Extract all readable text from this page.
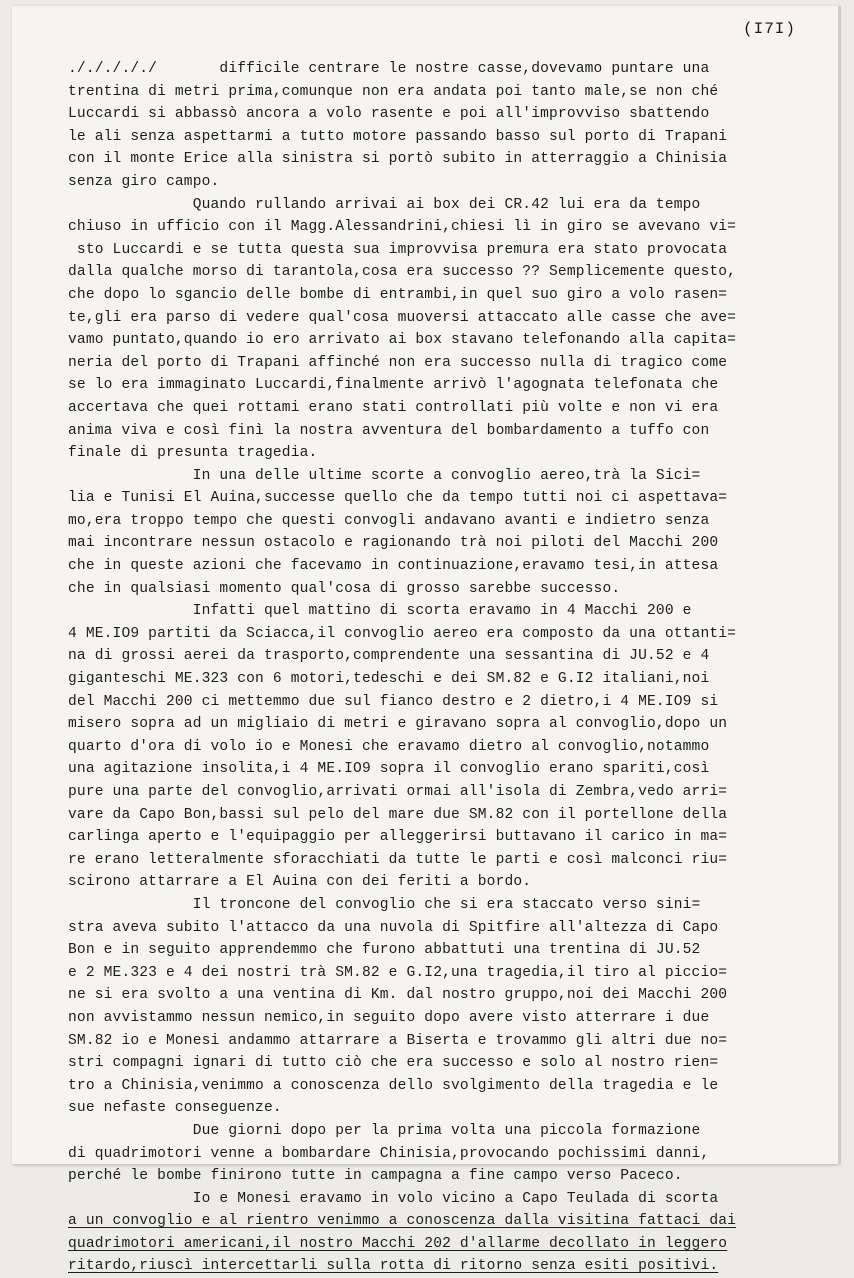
(I7I)
./././././       difficile centrare le nostre casse,dovevamo puntare una
trentina di metri prima,comunque non era andata poi tanto male,se non ché
Luccardi si abbassò ancora a volo rasente e poi all'improvviso sbattendo
le ali senza aspettarmi a tutto motore passando basso sul porto di Trapani
con il monte Erice alla sinistra si portò subito in atterraggio a Chinisia
senza giro campo.
Quando rullando arrivai ai box dei CR.42 lui era da tempo
chiuso in ufficio con il Magg.Alessandrini,chiesi lì in giro se avevano vi=
sto Luccardi e se tutta questa sua improvvisa premura era stato provocata
dalla qualche morso di tarantola,cosa era successo ?? Semplicemente questo,
che dopo lo sgancio delle bombe di entrambi,in quel suo giro a volo rasen=
te,gli era parso di vedere qual'cosa muoversi attaccato alle casse che ave=
vamo puntato,quando io ero arrivato ai box stavano telefonando alla capita=
neria del porto di Trapani affinché non era successo nulla di tragico come
se lo era immaginato Luccardi,finalmente arrivò l'agognata telefonata che
accertava che quei rottami erano stati controllati più volte e non vi era
anima viva e così finì la nostra avventura del bombardamento a tuffo con
finale di presunta tragedia.
In una delle ultime scorte a convoglio aereo,trà la Sici=
lia e Tunisi El Auina,successe quello che da tempo tutti noi ci aspettava=
mo,era troppo tempo che questi convogli andavano avanti e indietro senza
mai incontrare nessun ostacolo e ragionando trà noi piloti del Macchi 200
che in queste azioni che facevamo in continuazione,eravamo tesi,in attesa
che in qualsiasi momento qual'cosa di grosso sarebbe successo.
Infatti quel mattino di scorta eravamo in 4 Macchi 200 e
4 ME.IO9 partiti da Sciacca,il convoglio aereo era composto da una ottanti=
na di grossi aerei da trasporto,comprendente una sessantina di JU.52 e 4
giganteschi ME.323 con 6 motori,tedeschi e dei SM.82 e G.I2 italiani,noi
del Macchi 200 ci mettemmo due sul fianco destro e 2 dietro,i 4 ME.IO9 si
misero sopra ad un migliaio di metri e giravano sopra al convoglio,dopo un
quarto d'ora di volo io e Monesi che eravamo dietro al convoglio,notammo
una agitazione insolita,i 4 ME.IO9 sopra il convoglio erano spariti,così
pure una parte del convoglio,arrivati ormai all'isola di Zembra,vedo arri=
vare da Capo Bon,bassi sul pelo del mare due SM.82 con il portellone della
carlinga aperto e l'equipaggio per alleggerirsi buttavano il carico in ma=
re erano letteralmente sforacchiati da tutte le parti e così malconci riu=
scirono attarrare a El Auina con dei feriti a bordo.
Il troncone del convoglio che si era staccato verso sini=
stra aveva subito l'attacco da una nuvola di Spitfire all'altezza di Capo
Bon e in seguito apprendemmo che furono abbattuti una trentina di JU.52
e 2 ME.323 e 4 dei nostri trà SM.82 e G.I2,una tragedia,il tiro al piccio=
ne si era svolto a una ventina di Km. dal nostro gruppo,noi dei Macchi 200
non avvistammo nessun nemico,in seguito dopo avere visto atterrare i due
SM.82 io e Monesi andammo attarrare a Biserta e trovammo gli altri due no=
stri compagni ignari di tutto ciò che era successo e solo al nostro rien=
tro a Chinisia,venimmo a conoscenza dello svolgimento della tragedia e le
sue nefaste conseguenze.
Due giorni dopo per la prima volta una piccola formazione
di quadrimotori venne a bombardare Chinisia,provocando pochissimi danni,
perché le bombe finirono tutte in campagna a fine campo verso Paceco.
Io e Monesi eravamo in volo vicino a Capo Teulada di scorta
a un convoglio e al rientro venimmo a conoscenza dalla visitina fattaci dai
quadrimotori americani,il nostro Macchi 202 d'allarme decollato in leggero
ritardo,riuscì intercettarli sulla rotta di ritorno senza esiti positivi.
